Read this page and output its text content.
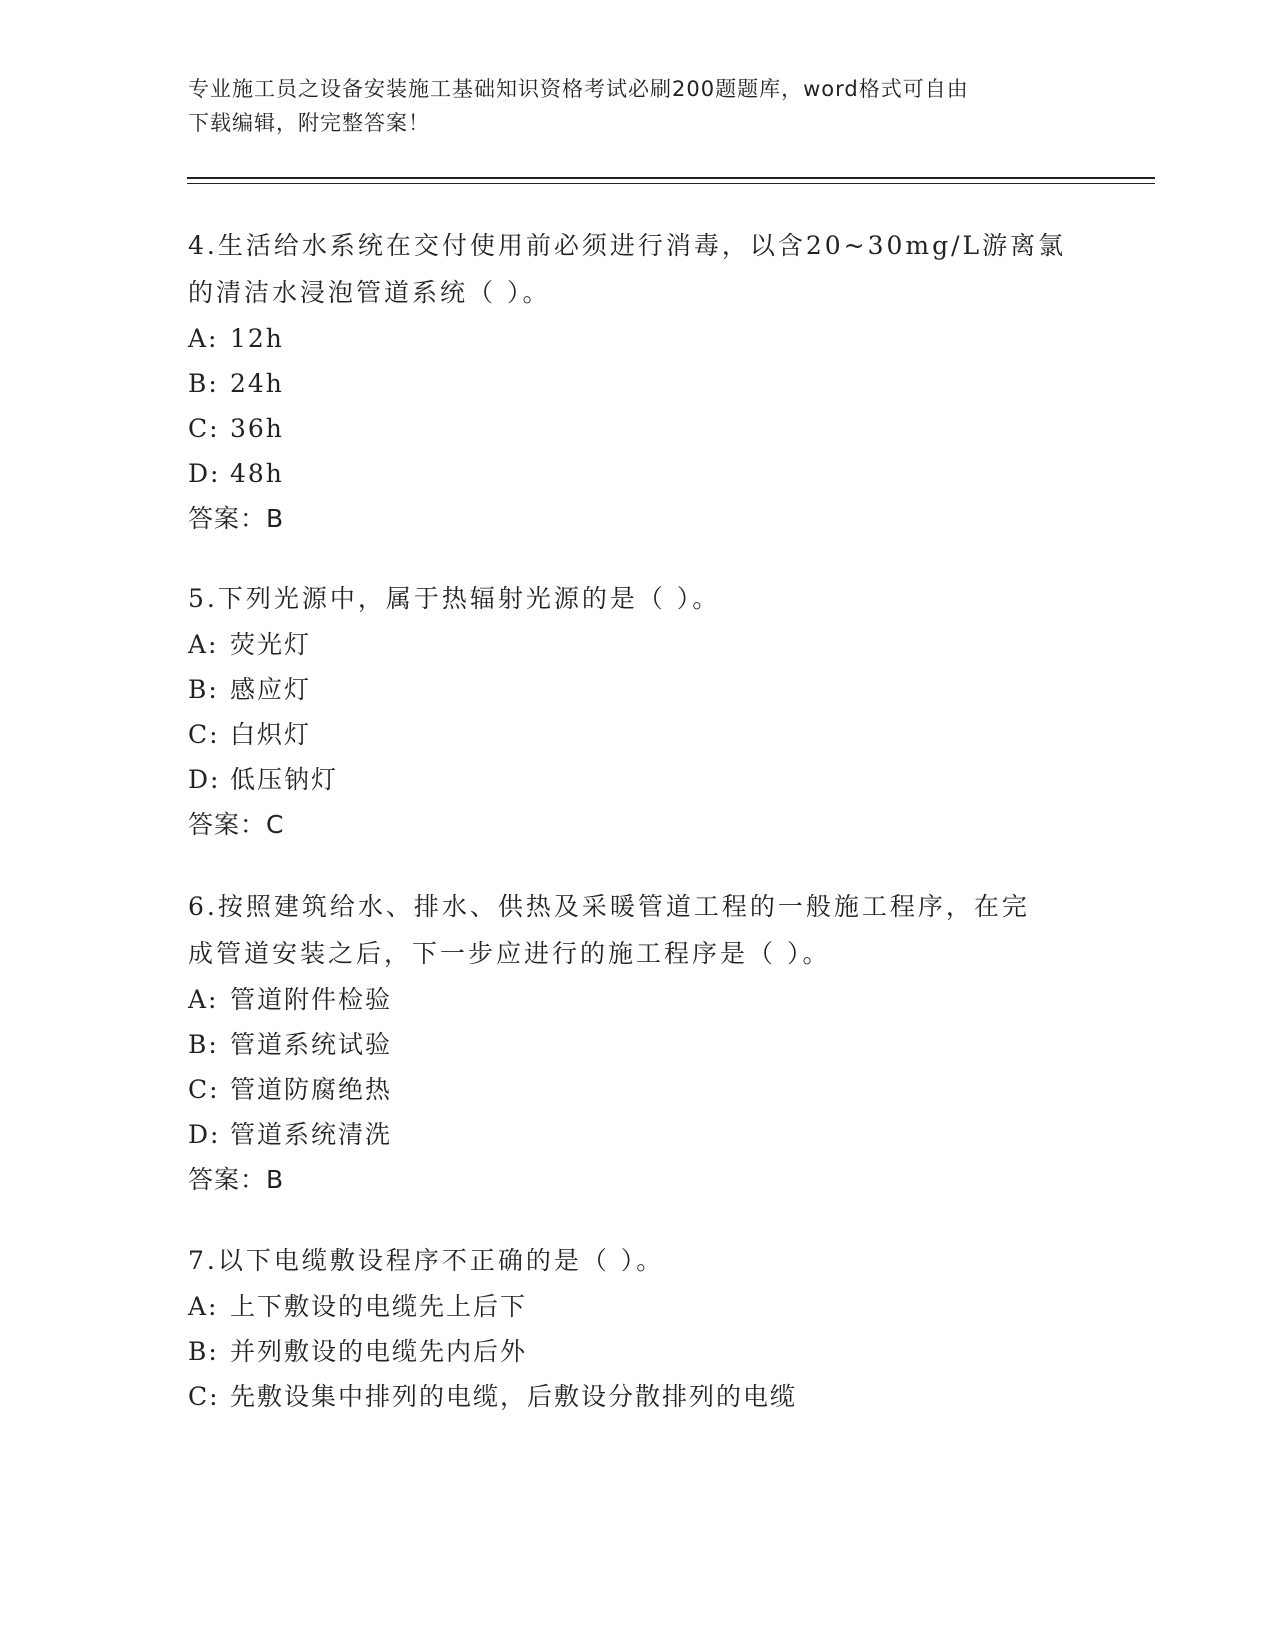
专业施工员之设备安装施工基础知识资格考试必刷200题题库，word格式可自由
下载编辑，附完整答案！
4.生活给水系统在交付使用前必须进行消毒，以含20~30mg/L游离氯
的清洁水浸泡管道系统（ ）。
A: 12h
B: 24h
C: 36h
D: 48h
答案：B
5.下列光源中，属于热辐射光源的是（ ）。
A: 荧光灯
B: 感应灯
C: 白炽灯
D: 低压钠灯
答案：C
6.按照建筑给水、排水、供热及采暖管道工程的一般施工程序，在完
成管道安装之后，下一步应进行的施工程序是（ ）。
A: 管道附件检验
B: 管道系统试验
C: 管道防腐绝热
D: 管道系统清洗
答案：B
7.以下电缆敷设程序不正确的是（ ）。
A: 上下敷设的电缆先上后下
B: 并列敷设的电缆先内后外
C: 先敷设集中排列的电缆，后敷设分散排列的电缆
